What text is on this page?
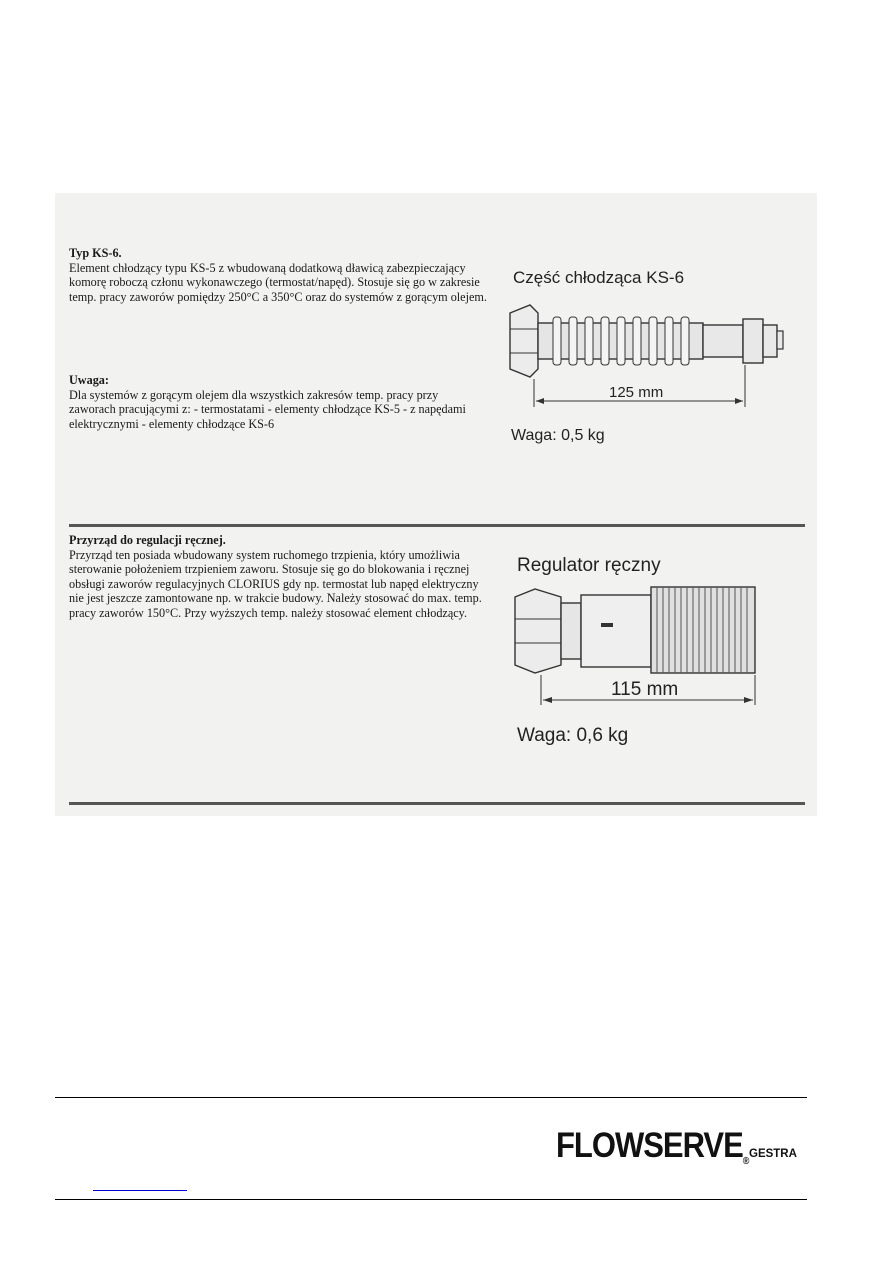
Typ KS-6.

Element chłodzący typu KS-5 z wbudowaną dodatkową dławicą zabezpieczający komorę roboczą członu wykonawczego (termostat/napęd). Stosuje się go w zakresie temp. pracy zaworów pomiędzy 250°C a 350°C oraz do systemów z gorącym olejem.

Uwaga:

Dla systemów z gorącym olejem dla wszystkich zakresów temp. pracy przy zaworach pracującymi z: - termostatami - elementy chłodzące KS-5 - z napędami elektrycznymi - elementy chłodzące KS-6

Część chłodząca KS-6
125 mm
Waga: 0,5 kg
Przyrząd do regulacji ręcznej.

Przyrząd ten posiada wbudowany system ruchomego trzpienia, który umożliwia sterowanie położeniem trzpieniem zaworu. Stosuje się go do blokowania i ręcznej obsługi zaworów regulacyjnych CLORIUS gdy np. termostat lub napęd elektryczny nie jest jeszcze zamontowane np. w trakcie budowy. Należy stosować do max. temp. pracy zaworów 150°C. Przy wyższych temp. należy stosować element chłodzący.

Regulator ręczny
115 mm
Waga: 0,6 kg
FLOWSERVE®
GESTRA
